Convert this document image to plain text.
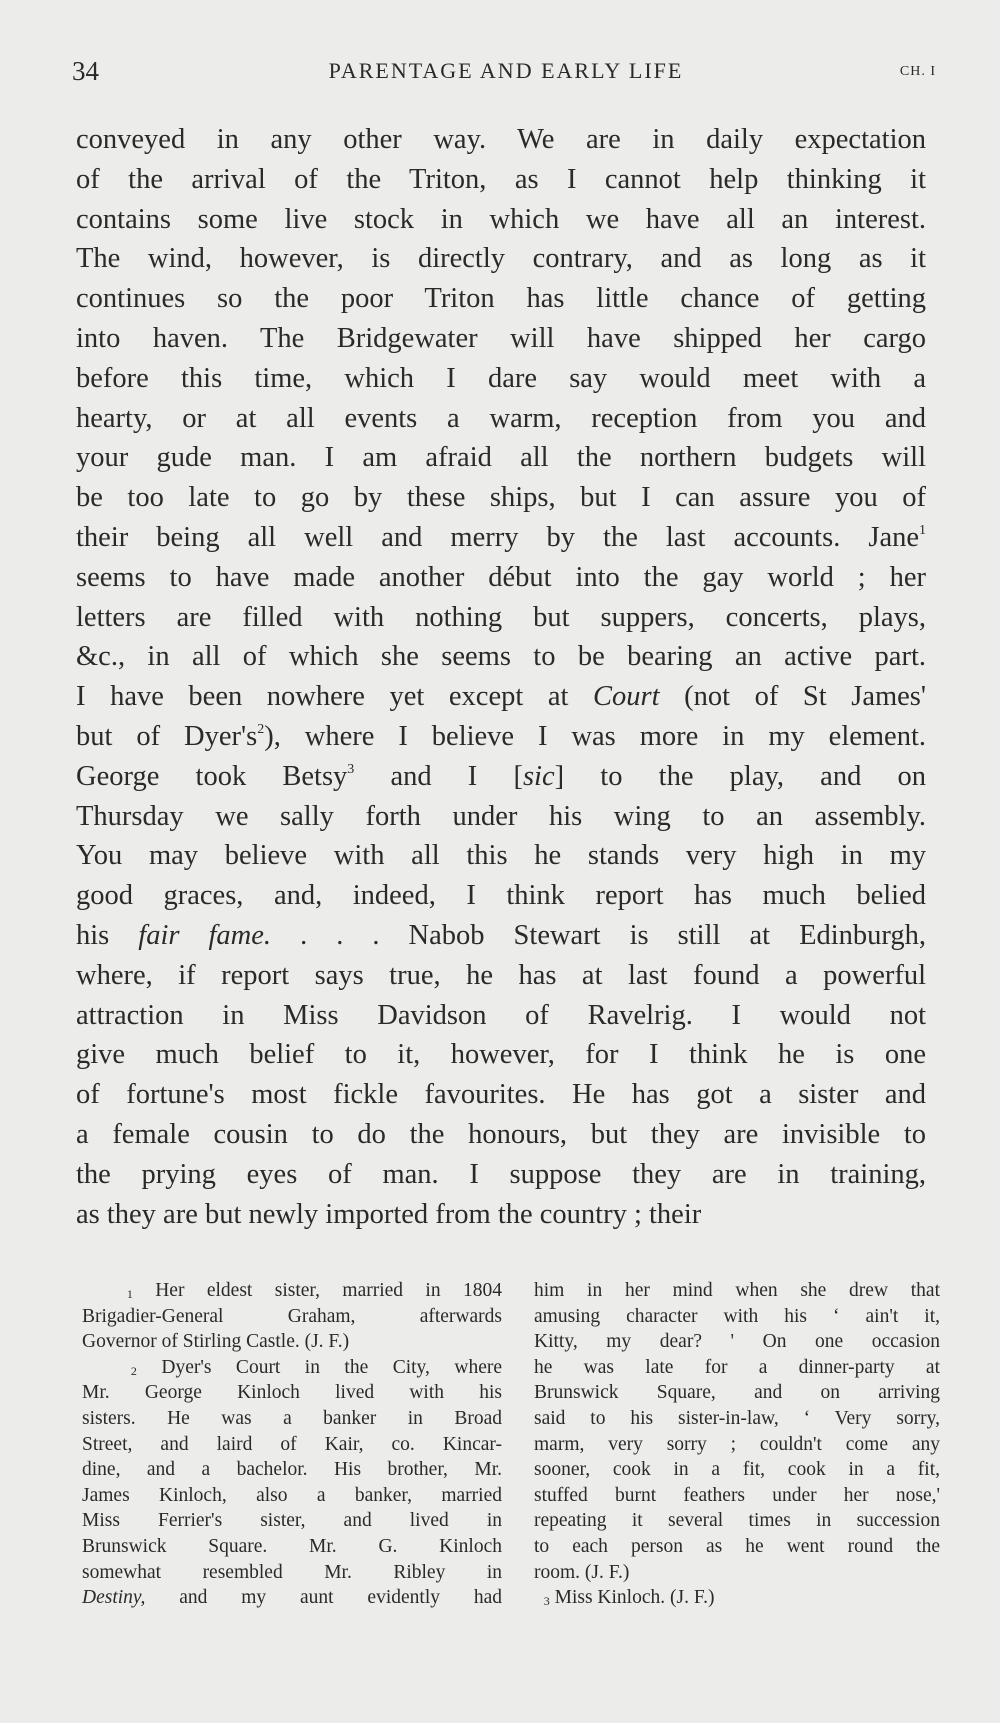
34	PARENTAGE AND EARLY LIFE	CH. I
conveyed in any other way. We are in daily expectation
of the arrival of the Triton, as I cannot help thinking it
contains some live stock in which we have all an interest.
The wind, however, is directly contrary, and as long as it
continues so the poor Triton has little chance of getting
into haven. The Bridgewater will have shipped her cargo
before this time, which I dare say would meet with a
hearty, or at all events a warm, reception from you and
your gude man. I am afraid all the northern budgets will
be too late to go by these ships, but I can assure you of
their being all well and merry by the last accounts. Jane$^1$
seems to have made another début into the gay world ; her
letters are filled with nothing but suppers, concerts, plays,
&c., in all of which she seems to be bearing an active part.
I have been nowhere yet except at Court (not of St James'
but of Dyer's$^2$), where I believe I was more in my element.
George took Betsy$^3$ and I [sic] to the play, and on
Thursday we sally forth under his wing to an assembly.
You may believe with all this he stands very high in my
good graces, and, indeed, I think report has much belied
his fair fame. . . . Nabob Stewart is still at Edinburgh,
where, if report says true, he has at last found a powerful
attraction in Miss Davidson of Ravelrig. I would not
give much belief to it, however, for I think he is one
of fortune's most fickle favourites. He has got a sister and
a female cousin to do the honours, but they are invisible to
the prying eyes of man. I suppose they are in training,
as they are but newly imported from the country ; their
$^1$ Her eldest sister, married in 1804
Brigadier-General Graham, afterwards
Governor of Stirling Castle. (J. F.)
$^2$ Dyer's Court in the City, where
Mr. George Kinloch lived with his
sisters. He was a banker in Broad
Street, and laird of Kair, co. Kincar-
dine, and a bachelor. His brother, Mr.
James Kinloch, also a banker, married
Miss Ferrier's sister, and lived in
Brunswick Square. Mr. G. Kinloch
somewhat resembled Mr. Ribley in
Destiny, and my aunt evidently had
him in her mind when she drew that
amusing character with his ‘ ain't it,
Kitty, my dear? ' On one occasion
he was late for a dinner-party at
Brunswick Square, and on arriving
said to his sister-in-law, ‘ Very sorry,
marm, very sorry ; couldn't come any
sooner, cook in a fit, cook in a fit,
stuffed burnt feathers under her nose,'
repeating it several times in succession
to each person as he went round the
room. (J. F.)
$^3$ Miss Kinloch. (J. F.)
